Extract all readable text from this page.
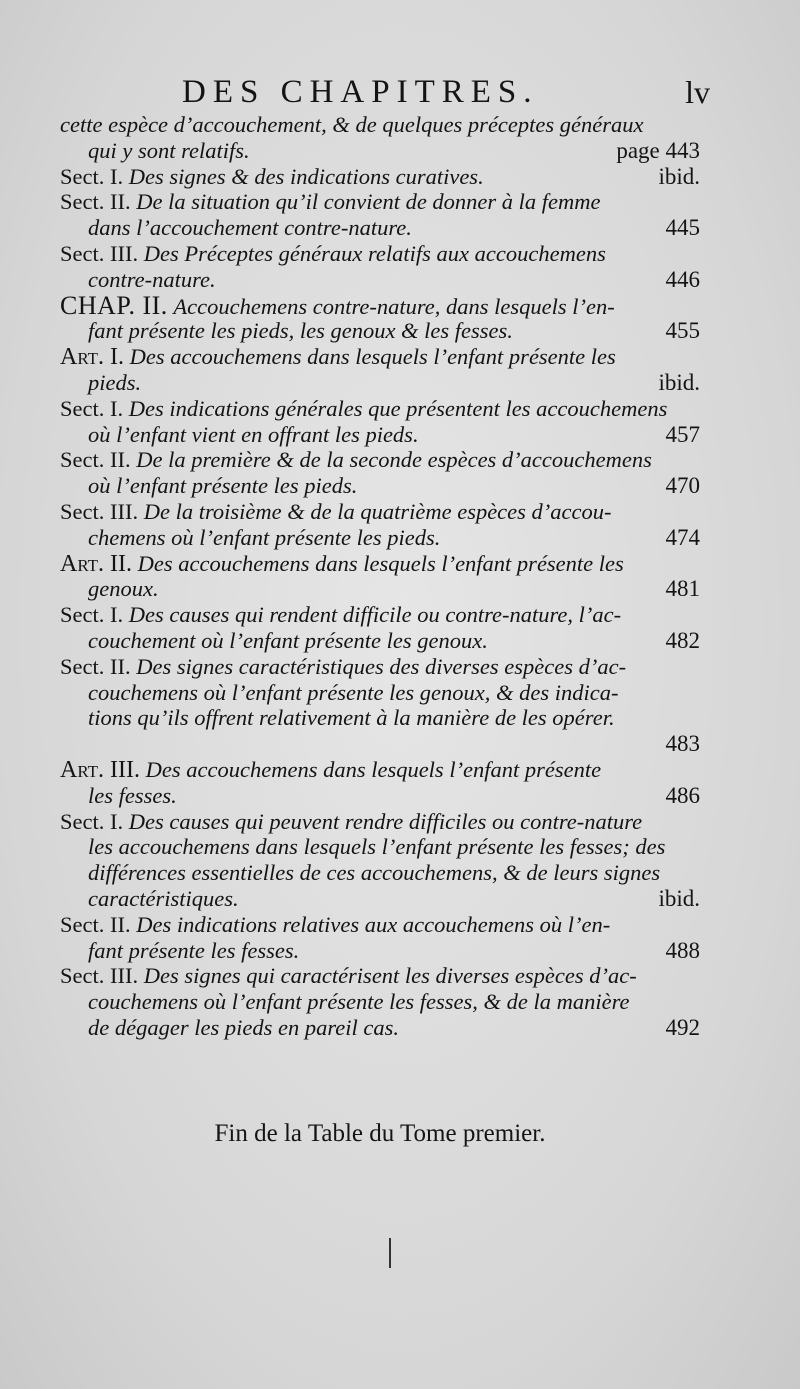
DES CHAPITRES.	lv
cette espèce d’accouchement, & de quelques préceptes généraux
qui y sont relatifs.	page 443
Sect. I. Des signes & des indications curatives.	ibid.
Sect. II. De la situation qu’il convient de donner à la femme
dans l’accouchement contre-nature.	445
Sect. III. Des Préceptes généraux relatifs aux accouchemens
contre-nature.	446
CHAP. II. Accouchemens contre-nature, dans lesquels l’en-
fant présente les pieds, les genoux & les fesses.	455
Art. I. Des accouchemens dans lesquels l’enfant présente les
pieds.	ibid.
Sect. I. Des indications générales que présentent les accouchemens
où l’enfant vient en offrant les pieds.	457
Sect. II. De la première & de la seconde espèces d’accouchemens
où l’enfant présente les pieds.	470
Sect. III. De la troisième & de la quatrième espèces d’accou-
chemens où l’enfant présente les pieds.	474
Art. II. Des accouchemens dans lesquels l’enfant présente les
genoux.	481
Sect. I. Des causes qui rendent difficile ou contre-nature, l’ac-
couchement où l’enfant présente les genoux.	482
Sect. II. Des signes caractéristiques des diverses espèces d’ac-
couchemens où l’enfant présente les genoux, & des indica-
tions qu’ils offrent relativement à la manière de les opérer.
483
Art. III. Des accouchemens dans lesquels l’enfant présente
les fesses.	486
Sect. I. Des causes qui peuvent rendre difficiles ou contre-nature
les accouchemens dans lesquels l’enfant présente les fesses; des
différences essentielles de ces accouchemens, & de leurs signes
caractéristiques.	ibid.
Sect. II. Des indications relatives aux accouchemens où l’en-
fant présente les fesses.	488
Sect. III. Des signes qui caractérisent les diverses espèces d’ac-
couchemens où l’enfant présente les fesses, & de la manière
de dégager les pieds en pareil cas.	492
Fin de la Table du Tome premier.
